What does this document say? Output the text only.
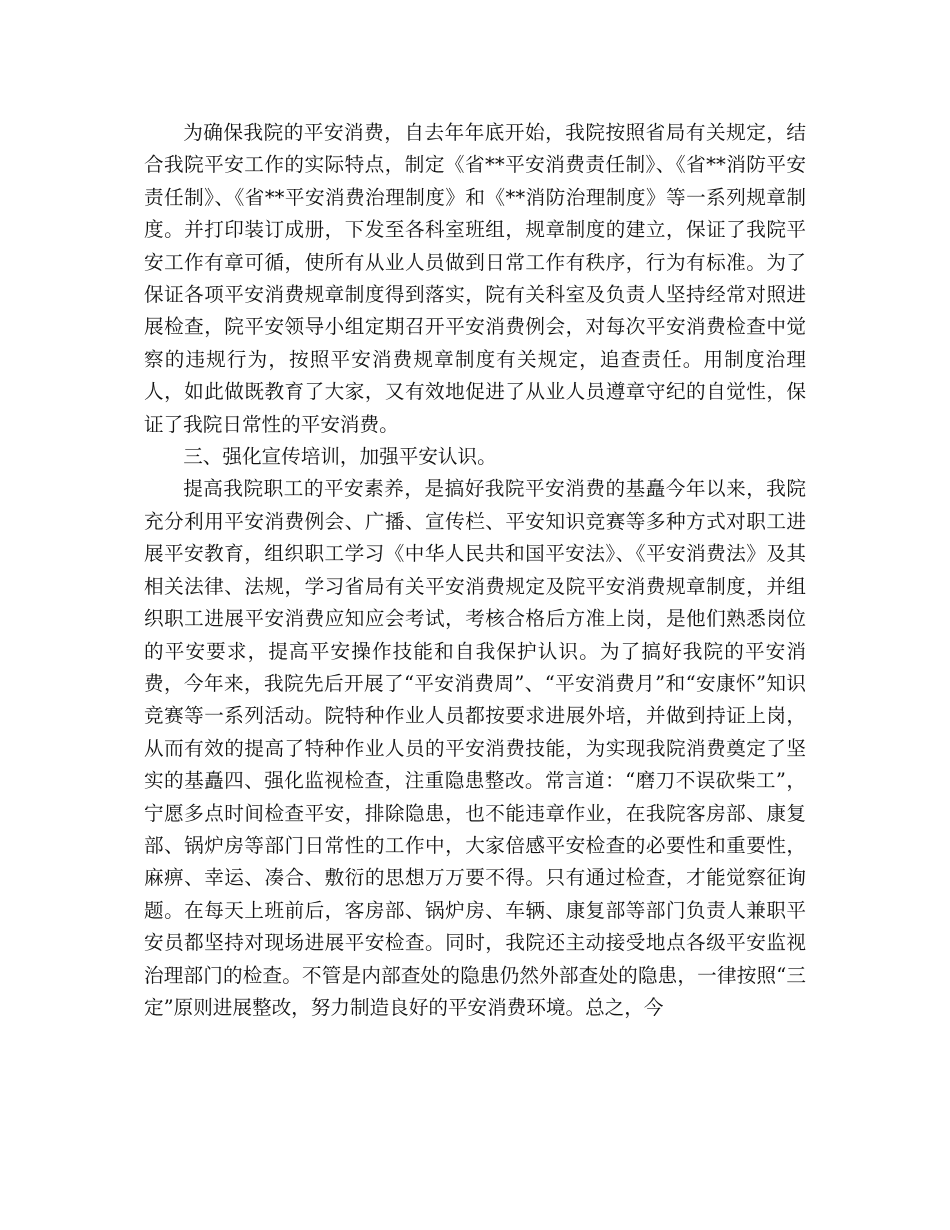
为确保我院的平安消费，自去年年底开始，我院按照省局有关规定，结合我院平安工作的实际特点，制定《省**平安消费责任制》、《省**消防平安责任制》、《省**平安消费治理制度》和《**消防治理制度》等一系列规章制度。并打印装订成册，下发至各科室班组，规章制度的建立，保证了我院平安工作有章可循，使所有从业人员做到日常工作有秩序，行为有标准。为了保证各项平安消费规章制度得到落实，院有关科室及负责人坚持经常对照进展检查，院平安领导小组定期召开平安消费例会，对每次平安消费检查中觉察的违规行为，按照平安消费规章制度有关规定，追查责任。用制度治理人，如此做既教育了大家，又有效地促进了从业人员遵章守纪的自觉性，保证了我院日常性的平安消费。

三、强化宣传培训，加强平安认识。

提高我院职工的平安素养，是搞好我院平安消费的基矗今年以来，我院充分利用平安消费例会、广播、宣传栏、平安知识竞赛等多种方式对职工进展平安教育，组织职工学习《中华人民共和国平安法》、《平安消费法》及其相关法律、法规，学习省局有关平安消费规定及院平安消费规章制度，并组织职工进展平安消费应知应会考试，考核合格后方准上岗，是他们熟悉岗位的平安要求，提高平安操作技能和自我保护认识。为了搞好我院的平安消费，今年来，我院先后开展了“平安消费周”、“平安消费月”和“安康怀”知识竞赛等一系列活动。院特种作业人员都按要求进展外培，并做到持证上岗，从而有效的提高了特种作业人员的平安消费技能，为实现我院消费奠定了坚实的基矗四、强化监视检查，注重隐患整改。常言道：“磨刀不误砍柴工”，宁愿多点时间检查平安，排除隐患，也不能违章作业，在我院客房部、康复部、锅炉房等部门日常性的工作中，大家倍感平安检查的必要性和重要性，麻痹、幸运、凑合、敷衍的思想万万要不得。只有通过检查，才能觉察征询题。在每天上班前后，客房部、锅炉房、车辆、康复部等部门负责人兼职平安员都坚持对现场进展平安检查。同时，我院还主动接受地点各级平安监视治理部门的检查。不管是内部查处的隐患仍然外部查处的隐患，一律按照“三定”原则进展整改，努力制造良好的平安消费环境。总之，今
